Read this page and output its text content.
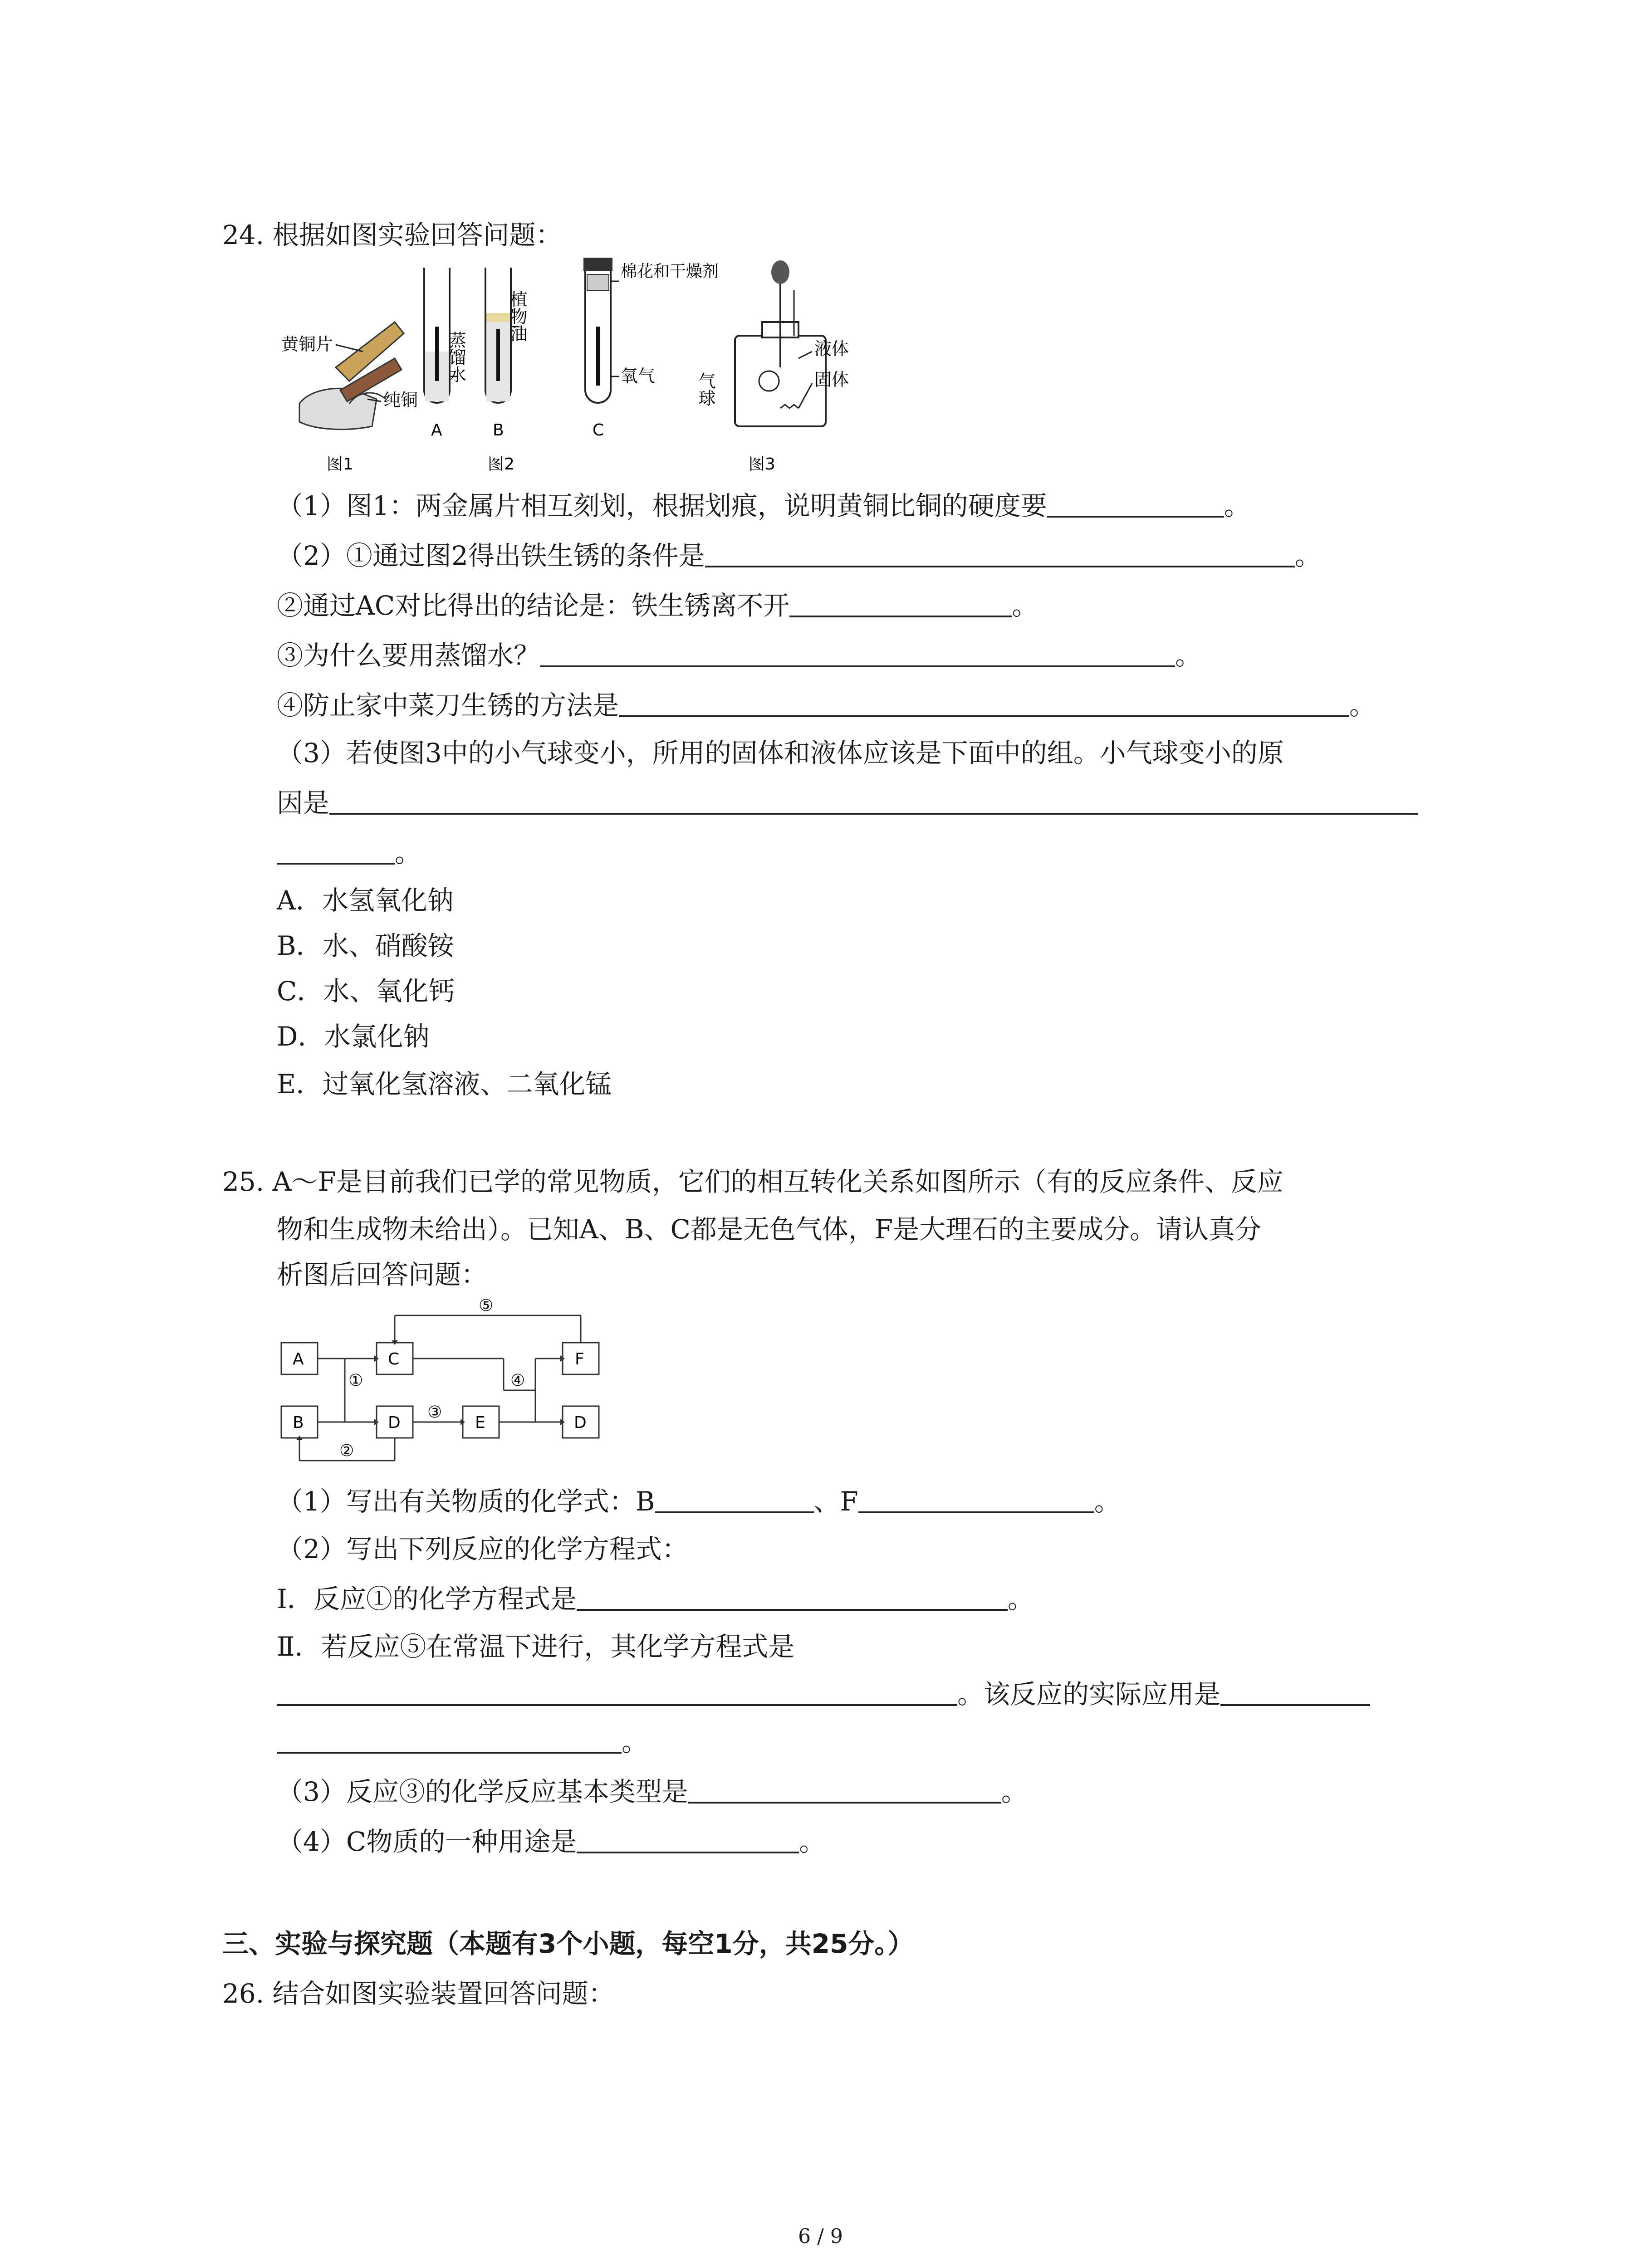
24. 根据如图实验回答问题：
黄铜片
纯铜
图1
蒸馏水
植物油
棉花和干燥剂
氧气
A	B	C
图2
液体
固体
气球
图3
（1）图1：两金属片相互刻划，根据划痕，说明黄铜比铜的硬度要	。
（2）①通过图2得出铁生锈的条件是	。
②通过AC对比得出的结论是：铁生锈离不开	。
③为什么要用蒸馏水？	。
④防止家中菜刀生锈的方法是	。
（3）若使图3中的小气球变小，所用的固体和液体应该是下面中的组。小气球变小的原
因是
。
A．水氢氧化钠
B．水、硝酸铵
C．水、氧化钙
D．水氯化钠
E．过氧化氢溶液、二氧化锰
25. A～F是目前我们已学的常见物质，它们的相互转化关系如图所示（有的反应条件、反应
物和生成物未给出）。已知A、B、C都是无色气体，F是大理石的主要成分。请认真分
析图后回答问题：
A
B
C
D	E
F
D
①
②
③
④
⑤
（1）写出有关物质的化学式：B	、F	。
（2）写出下列反应的化学方程式：
Ⅰ．反应①的化学方程式是	。
Ⅱ．若反应⑤在常温下进行，其化学方程式是
。该反应的实际应用是
。
（3）反应③的化学反应基本类型是	。
（4）C物质的一种用途是	。
三、实验与探究题（本题有3个小题，每空1分，共25分。）
26. 结合如图实验装置回答问题：
6 / 9
